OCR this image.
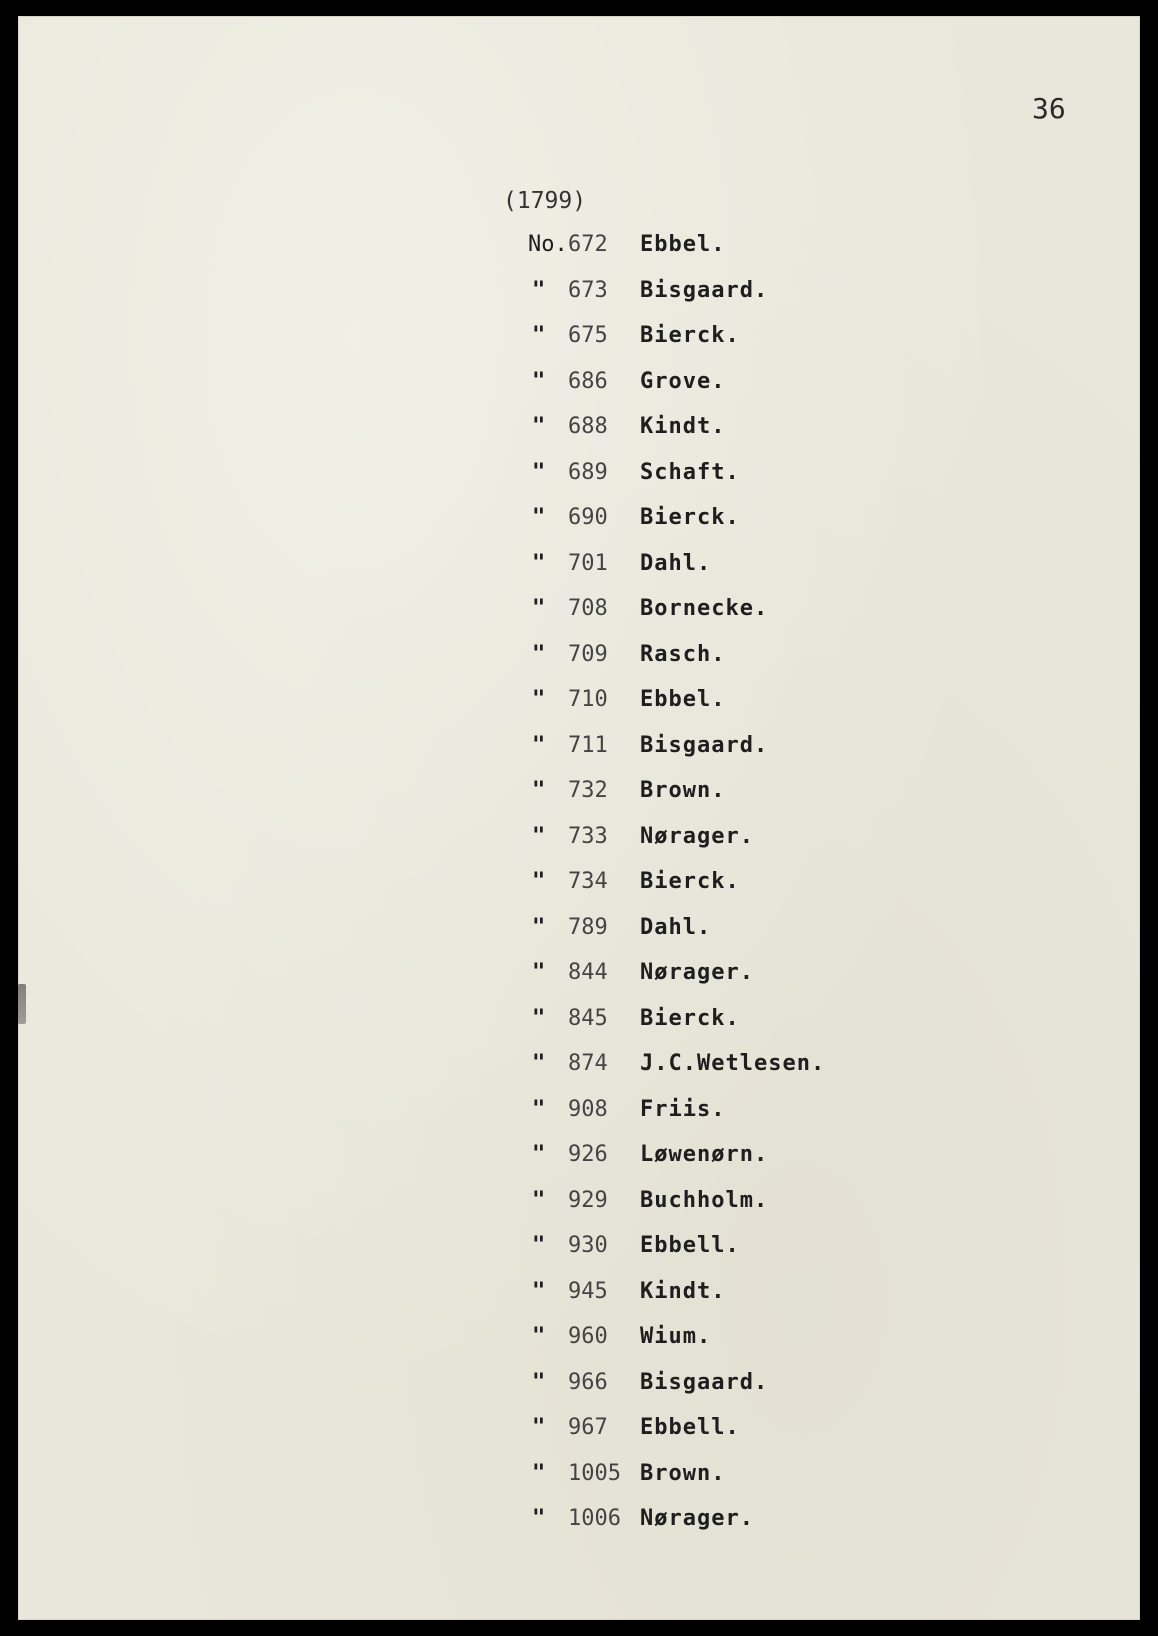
36
(1799)
No. 672	Ebbel.
"	673	Bisgaard.
"	675	Bierck.
"	686	Grove.
"	688	Kindt.
"	689	Schaft.
"	690	Bierck.
"	701	Dahl.
"	708	Bornecke.
"	709	Rasch.
"	710	Ebbel.
"	711	Bisgaard.
"	732	Brown.
"	733	Nørager.
"	734	Bierck.
"	789	Dahl.
"	844	Nørager.
"	845	Bierck.
"	874	J.C.Wetlesen.
"	908	Friis.
"	926	Løwenørn.
"	929	Buchholm.
"	930	Ebbell.
"	945	Kindt.
"	960	Wium.
"	966	Bisgaard.
"	967	Ebbell.
"	1005 Brown.
"	1006 Nørager.
